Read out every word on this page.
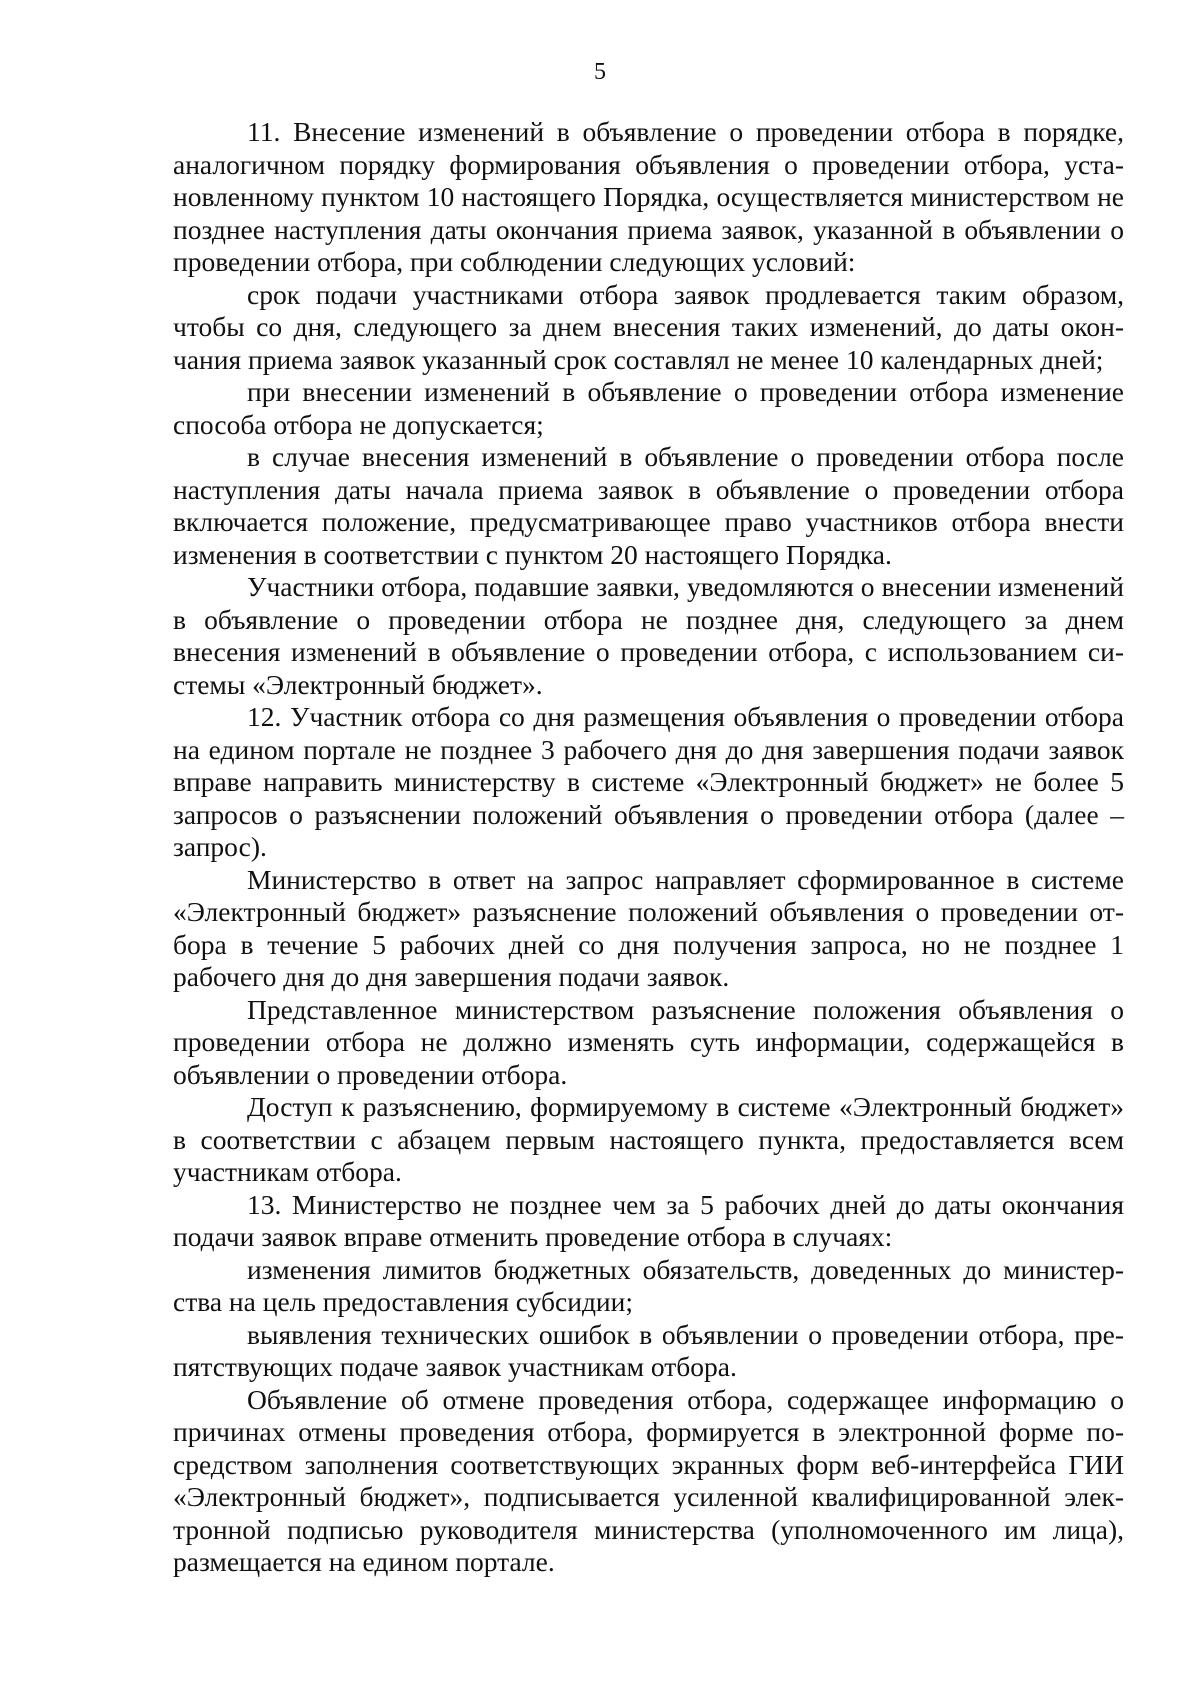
5

11. Внесение изменений в объявление о проведении отбора в порядке, аналогичном порядку формирования объявления о проведении отбора, установленному пунктом 10 настоящего Порядка, осуществляется министерством не позднее наступления даты окончания приема заявок, указанной в объявлении о проведении отбора, при соблюдении следующих условий:

срок подачи участниками отбора заявок продлевается таким образом, чтобы со дня, следующего за днем внесения таких изменений, до даты окончания приема заявок указанный срок составлял не менее 10 календарных дней;

при внесении изменений в объявление о проведении отбора изменение способа отбора не допускается;

в случае внесения изменений в объявление о проведении отбора после наступления даты начала приема заявок в объявление о проведении отбора включается положение, предусматривающее право участников отбора внести изменения в соответствии с пунктом 20 настоящего Порядка.

Участники отбора, подавшие заявки, уведомляются о внесении изменений в объявление о проведении отбора не позднее дня, следующего за днем внесения изменений в объявление о проведении отбора, с использованием системы «Электронный бюджет».

12. Участник отбора со дня размещения объявления о проведении отбора на едином портале не позднее 3 рабочего дня до дня завершения подачи заявок вправе направить министерству в системе «Электронный бюджет» не более 5 запросов о разъяснении положений объявления о проведении отбора (далее – запрос).

Министерство в ответ на запрос направляет сформированное в системе «Электронный бюджет» разъяснение положений объявления о проведении отбора в течение 5 рабочих дней со дня получения запроса, но не позднее 1 рабочего дня до дня завершения подачи заявок.

Представленное министерством разъяснение положения объявления о проведении отбора не должно изменять суть информации, содержащейся в объявлении о проведении отбора.

Доступ к разъяснению, формируемому в системе «Электронный бюджет» в соответствии с абзацем первым настоящего пункта, предоставляется всем участникам отбора.

13. Министерство не позднее чем за 5 рабочих дней до даты окончания подачи заявок вправе отменить проведение отбора в случаях:

изменения лимитов бюджетных обязательств, доведенных до министерства на цель предоставления субсидии;

выявления технических ошибок в объявлении о проведении отбора, препятствующих подаче заявок участникам отбора.

Объявление об отмене проведения отбора, содержащее информацию о причинах отмены проведения отбора, формируется в электронной форме посредством заполнения соответствующих экранных форм веб-интерфейса ГИИ «Электронный бюджет», подписывается усиленной квалифицированной электронной подписью руководителя министерства (уполномоченного им лица), размещается на едином портале.
